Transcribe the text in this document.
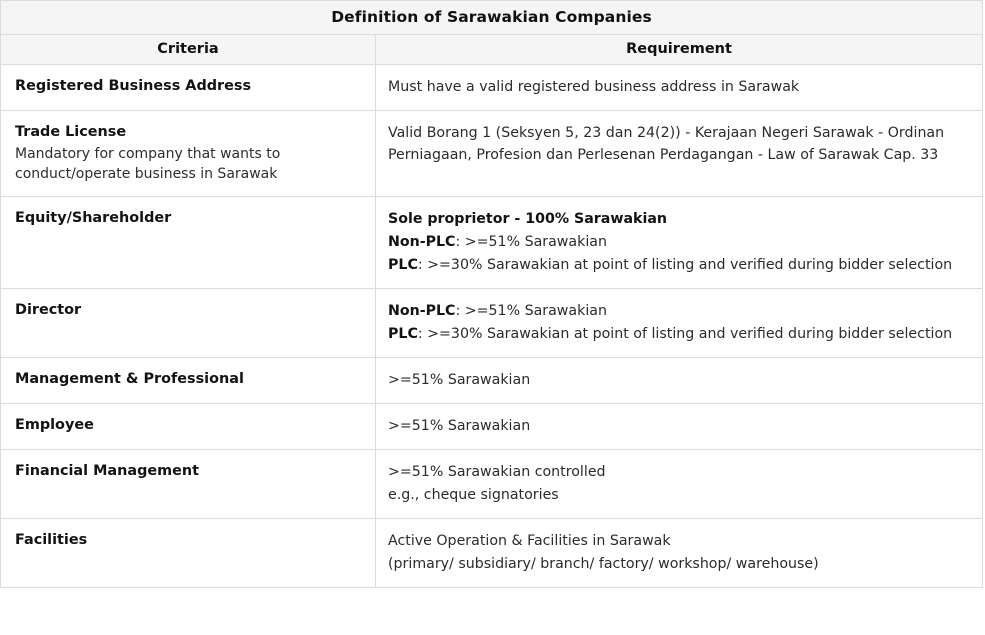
Definition of Sarawakian Companies	
Criteria	Requirement

Registered Business Address	Must have a valid registered business address in Sarawak

Trade License
Mandatory for company that wants to conduct/operate business in Sarawak	Valid Borang 1 (Seksyen 5, 23 dan 24(2)) - Kerajaan Negeri Sarawak - Ordinan Perniagaan, Profesion dan Perlesenan Perdagangan - Law of Sarawak Cap. 33

Equity/Shareholder	Sole proprietor - 100% Sarawakian
Non-PLC: >=51% Sarawakian
PLC: >=30% Sarawakian at point of listing and verified during bidder selection

Director	Non-PLC: >=51% Sarawakian
PLC: >=30% Sarawakian at point of listing and verified during bidder selection

Management & Professional	>=51% Sarawakian

Employee	>=51% Sarawakian

Financial Management	>=51% Sarawakian controlled
e.g., cheque signatories

Facilities	Active Operation & Facilities in Sarawak
(primary/ subsidiary/ branch/ factory/ workshop/ warehouse)
